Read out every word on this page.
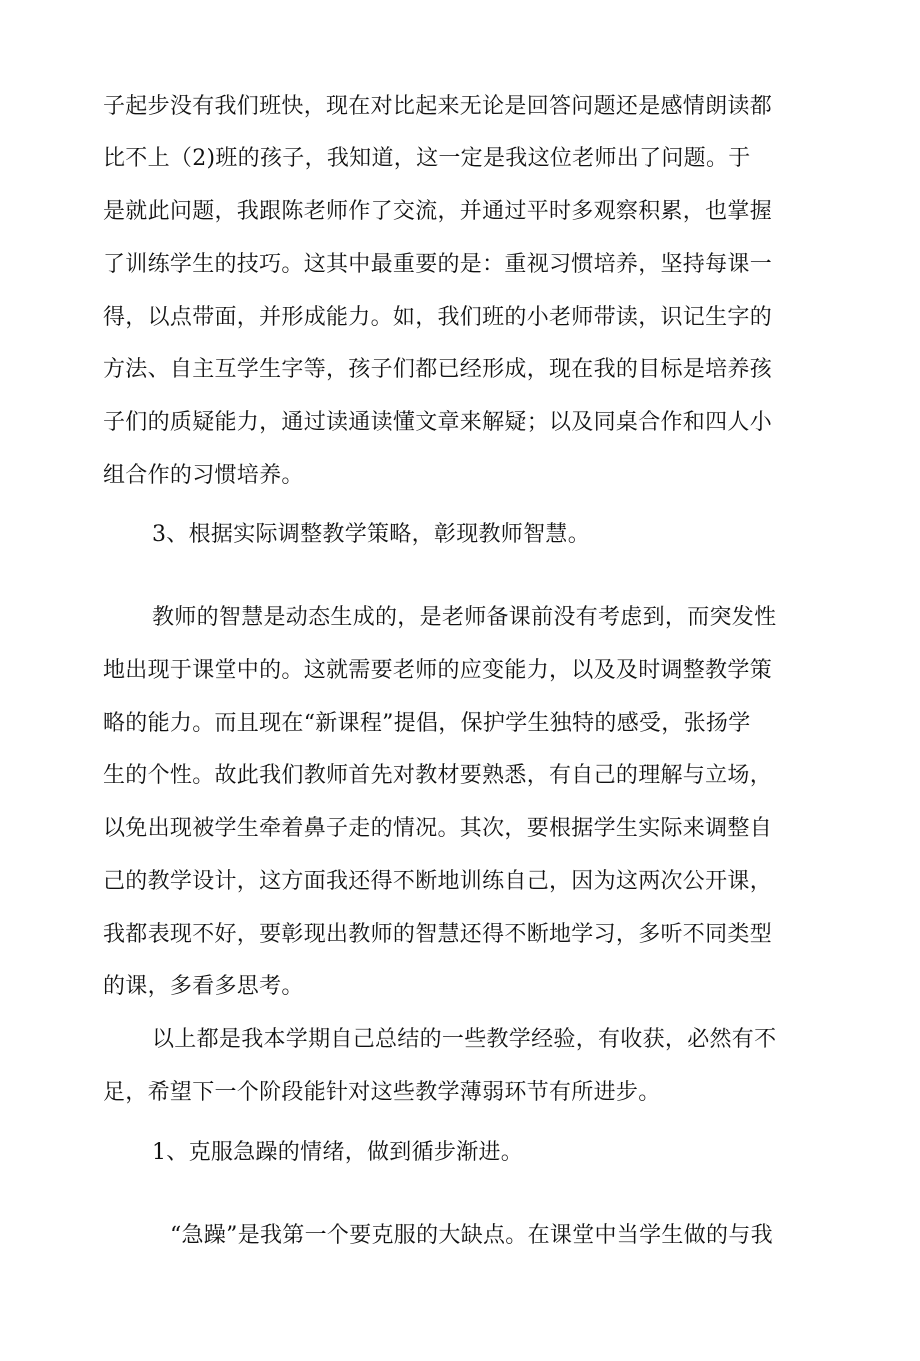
子起步没有我们班快，现在对比起来无论是回答问题还是感情朗读都
比不上（2)班的孩子，我知道，这一定是我这位老师出了问题。于
是就此问题，我跟陈老师作了交流，并通过平时多观察积累，也掌握
了训练学生的技巧。这其中最重要的是：重视习惯培养，坚持每课一
得，以点带面，并形成能力。如，我们班的小老师带读，识记生字的
方法、自主互学生字等，孩子们都已经形成，现在我的目标是培养孩
子们的质疑能力，通过读通读懂文章来解疑；以及同桌合作和四人小
组合作的习惯培养。
3、根据实际调整教学策略，彰现教师智慧。
教师的智慧是动态生成的，是老师备课前没有考虑到，而突发性
地出现于课堂中的。这就需要老师的应变能力，以及及时调整教学策
略的能力。而且现在“新课程”提倡，保护学生独特的感受，张扬学
生的个性。故此我们教师首先对教材要熟悉，有自己的理解与立场，
以免出现被学生牵着鼻子走的情况。其次，要根据学生实际来调整自
己的教学设计，这方面我还得不断地训练自己，因为这两次公开课，
我都表现不好，要彰现出教师的智慧还得不断地学习，多听不同类型
的课，多看多思考。
以上都是我本学期自己总结的一些教学经验，有收获，必然有不
足，希望下一个阶段能针对这些教学薄弱环节有所进步。
1、克服急躁的情绪，做到循步渐进。
“急躁”是我第一个要克服的大缺点。在课堂中当学生做的与我
